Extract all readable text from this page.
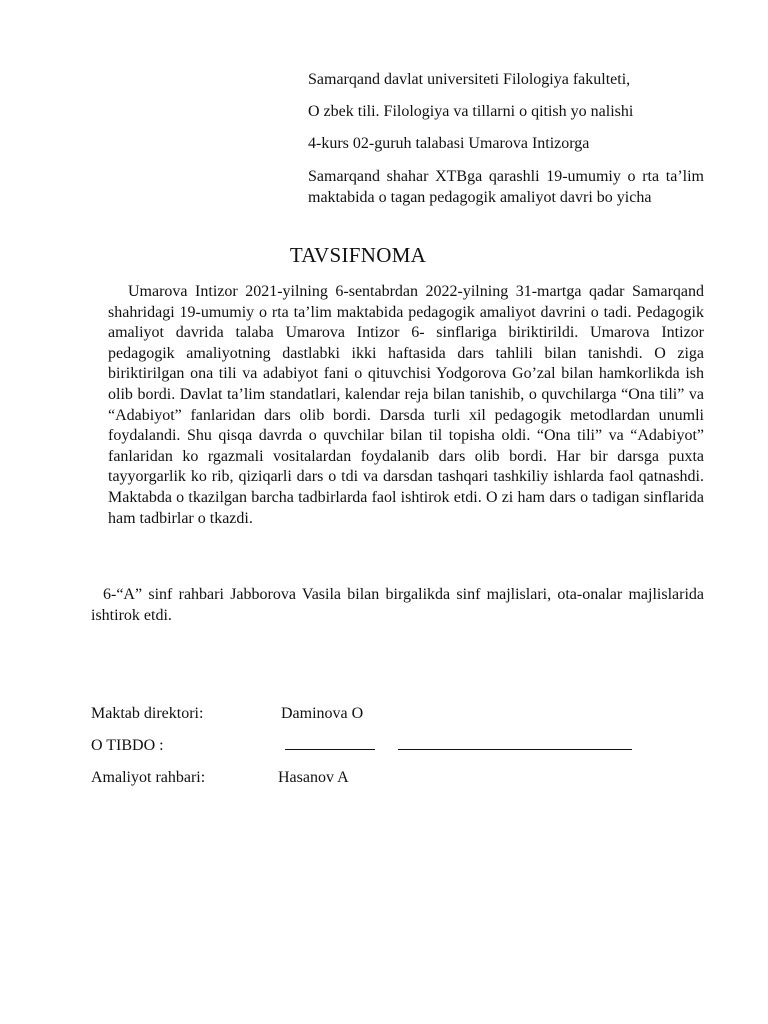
Samarqand davlat universiteti Filologiya fakulteti,

O zbek tili. Filologiya va tillarni o qitish yo nalishi

4-kurs 02-guruh talabasi Umarova Intizorga

Samarqand shahar XTBga qarashli 19-umumiy o rta ta’lim maktabida o tagan pedagogik amaliyot davri bo yicha

TAVSIFNOMA

Umarova Intizor 2021-yilning 6-sentabrdan 2022-yilning 31-martga qadar Samarqand shahridagi 19-umumiy o rta ta’lim maktabida pedagogik amaliyot davrini o tadi. Pedagogik amaliyot davrida talaba Umarova Intizor 6- sinflariga biriktirildi. Umarova Intizor pedagogik amaliyotning dastlabki ikki haftasida dars tahlili bilan tanishdi. O ziga biriktirilgan ona tili va adabiyot fani o qituvchisi Yodgorova Go’zal bilan hamkorlikda ish olib bordi. Davlat ta’lim standatlari, kalendar reja bilan tanishib, o quvchilarga “Ona tili” va “Adabiyot” fanlaridan dars olib bordi. Darsda turli xil pedagogik metodlardan unumli foydalandi. Shu qisqa davrda o quvchilar bilan til topisha oldi. “Ona tili” va “Adabiyot” fanlaridan ko rgazmali vositalardan foydalanib dars olib bordi. Har bir darsga puxta tayyorgarlik ko rib, qiziqarli dars o tdi va darsdan tashqari tashkiliy ishlarda faol qatnashdi. Maktabda o tkazilgan barcha tadbirlarda faol ishtirok etdi. O zi ham dars o tadigan sinflarida ham tadbirlar o tkazdi.

6-“A” sinf rahbari Jabborova Vasila bilan birgalikda sinf majlislari, ota-onalar majlislarida ishtirok etdi.

Maktab direktori:	Daminova O
O TIBDO :
Amaliyot rahbari:	Hasanov A
